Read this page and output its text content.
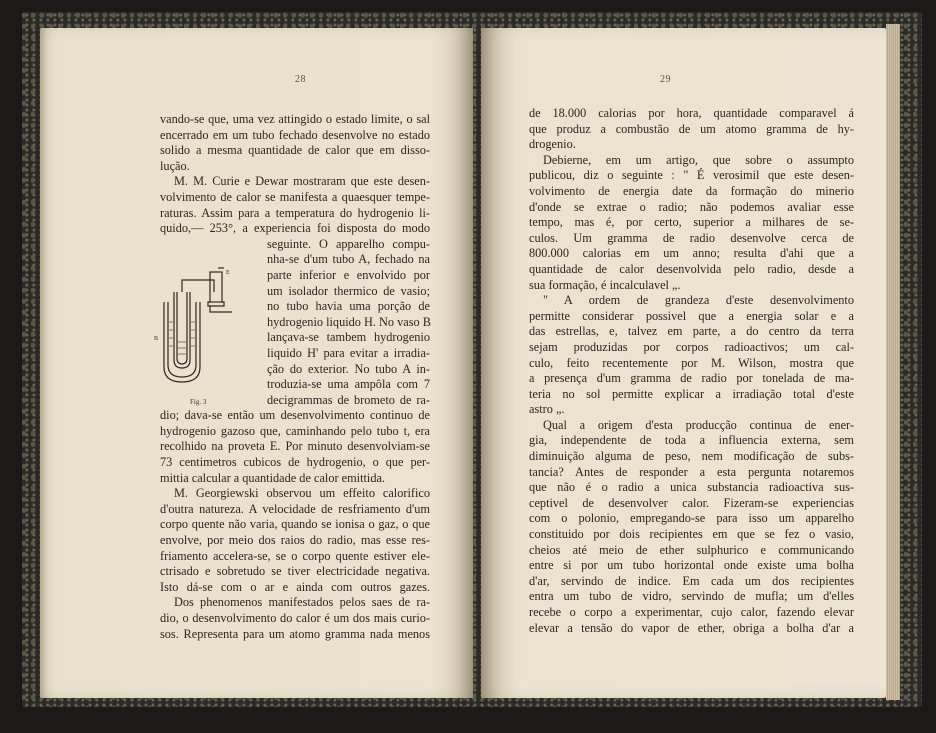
28
vando-se que, uma vez attingido o estado limite, o sal
encerrado em um tubo fechado desenvolve no estado
solido a mesma quantidade de calor que em disso-
lução.
M. M. Curie e Dewar mostraram que este desen-
volvimento de calor se manifesta a quaesquer tempe-
raturas. Assim para a temperatura do hydrogenio li-
quido,— 253°, a experiencia foi disposta do modo
seguinte. O apparelho compu-
nha-se d'um tubo A, fechado na
parte inferior e envolvido por
um isolador thermico de vasio;
no tubo havia uma porção de
hydrogenio liquido H. No vaso B
lançava-se tambem hydrogenio
liquido H' para evitar a irradia-
ção do exterior. No tubo A in-
troduzia-se uma ampôla com 7
decigrammas de brometo de ra-
dio; dava-se então um desenvolvimento continuo de
hydrogenio gazoso que, caminhando pelo tubo t, era
recolhido na proveta E. Por minuto desenvolviam-se
73 centimetros cubicos de hydrogenio, o que per-
mittia calcular a quantidade de calor emittida.
M. Georgiewski observou um effeito calorifico
d'outra natureza. A velocidade de resfriamento d'um
corpo quente não varia, quando se ionisa o gaz, o que
envolve, por meio dos raios do radio, mas esse res-
friamento accelera-se, se o corpo quente estiver ele-
ctrisado e sobretudo se tiver electricidade negativa.
Isto dá-se com o ar e ainda com outros gazes.
Dos phenomenos manifestados pelos saes de ra-
dio, o desenvolvimento do calor é um dos mais curio-
sos. Representa para um atomo gramma nada menos
B
E
Fig. 3
29
de 18.000 calorias por hora, quantidade comparavel á
que produz a combustão de um atomo gramma de hy-
drogenio.
Debierne, em um artigo, que sobre o assumpto
publicou, diz o seguinte : " É verosimil que este desen-
volvimento de energia date da formação do minerio
d'onde se extrae o radio; não podemos avaliar esse
tempo, mas é, por certo, superior a milhares de se-
culos. Um gramma de radio desenvolve cerca de
800.000 calorias em um anno; resulta d'ahi que a
quantidade de calor desenvolvida pelo radio, desde a
sua formação, é incalculavel „.
" A ordem de grandeza d'este desenvolvimento
permitte considerar possivel que a energia solar e a
das estrellas, e, talvez em parte, a do centro da terra
sejam produzidas por corpos radioactivos; um cal-
culo, feito recentemente por M. Wilson, mostra que
a presença d'um gramma de radio por tonelada de ma-
teria no sol permitte explicar a irradiação total d'este
astro „.
Qual a origem d'esta producção continua de ener-
gia, independente de toda a influencia externa, sem
diminuição alguma de peso, nem modificação de subs-
tancia? Antes de responder a esta pergunta notaremos
que não é o radio a unica substancia radioactiva sus-
ceptivel de desenvolver calor. Fizeram-se experiencias
com o polonio, empregando-se para isso um apparelho
constituido por dois recipientes em que se fez o vasio,
cheios até meio de ether sulphurico e communicando
entre si por um tubo horizontal onde existe uma bolha
d'ar, servindo de indice. Em cada um dos recipientes
entra um tubo de vidro, servindo de mufla; um d'elles
recebe o corpo a experimentar, cujo calor, fazendo elevar
elevar a tensão do vapor de ether, obriga a bolha d'ar a
